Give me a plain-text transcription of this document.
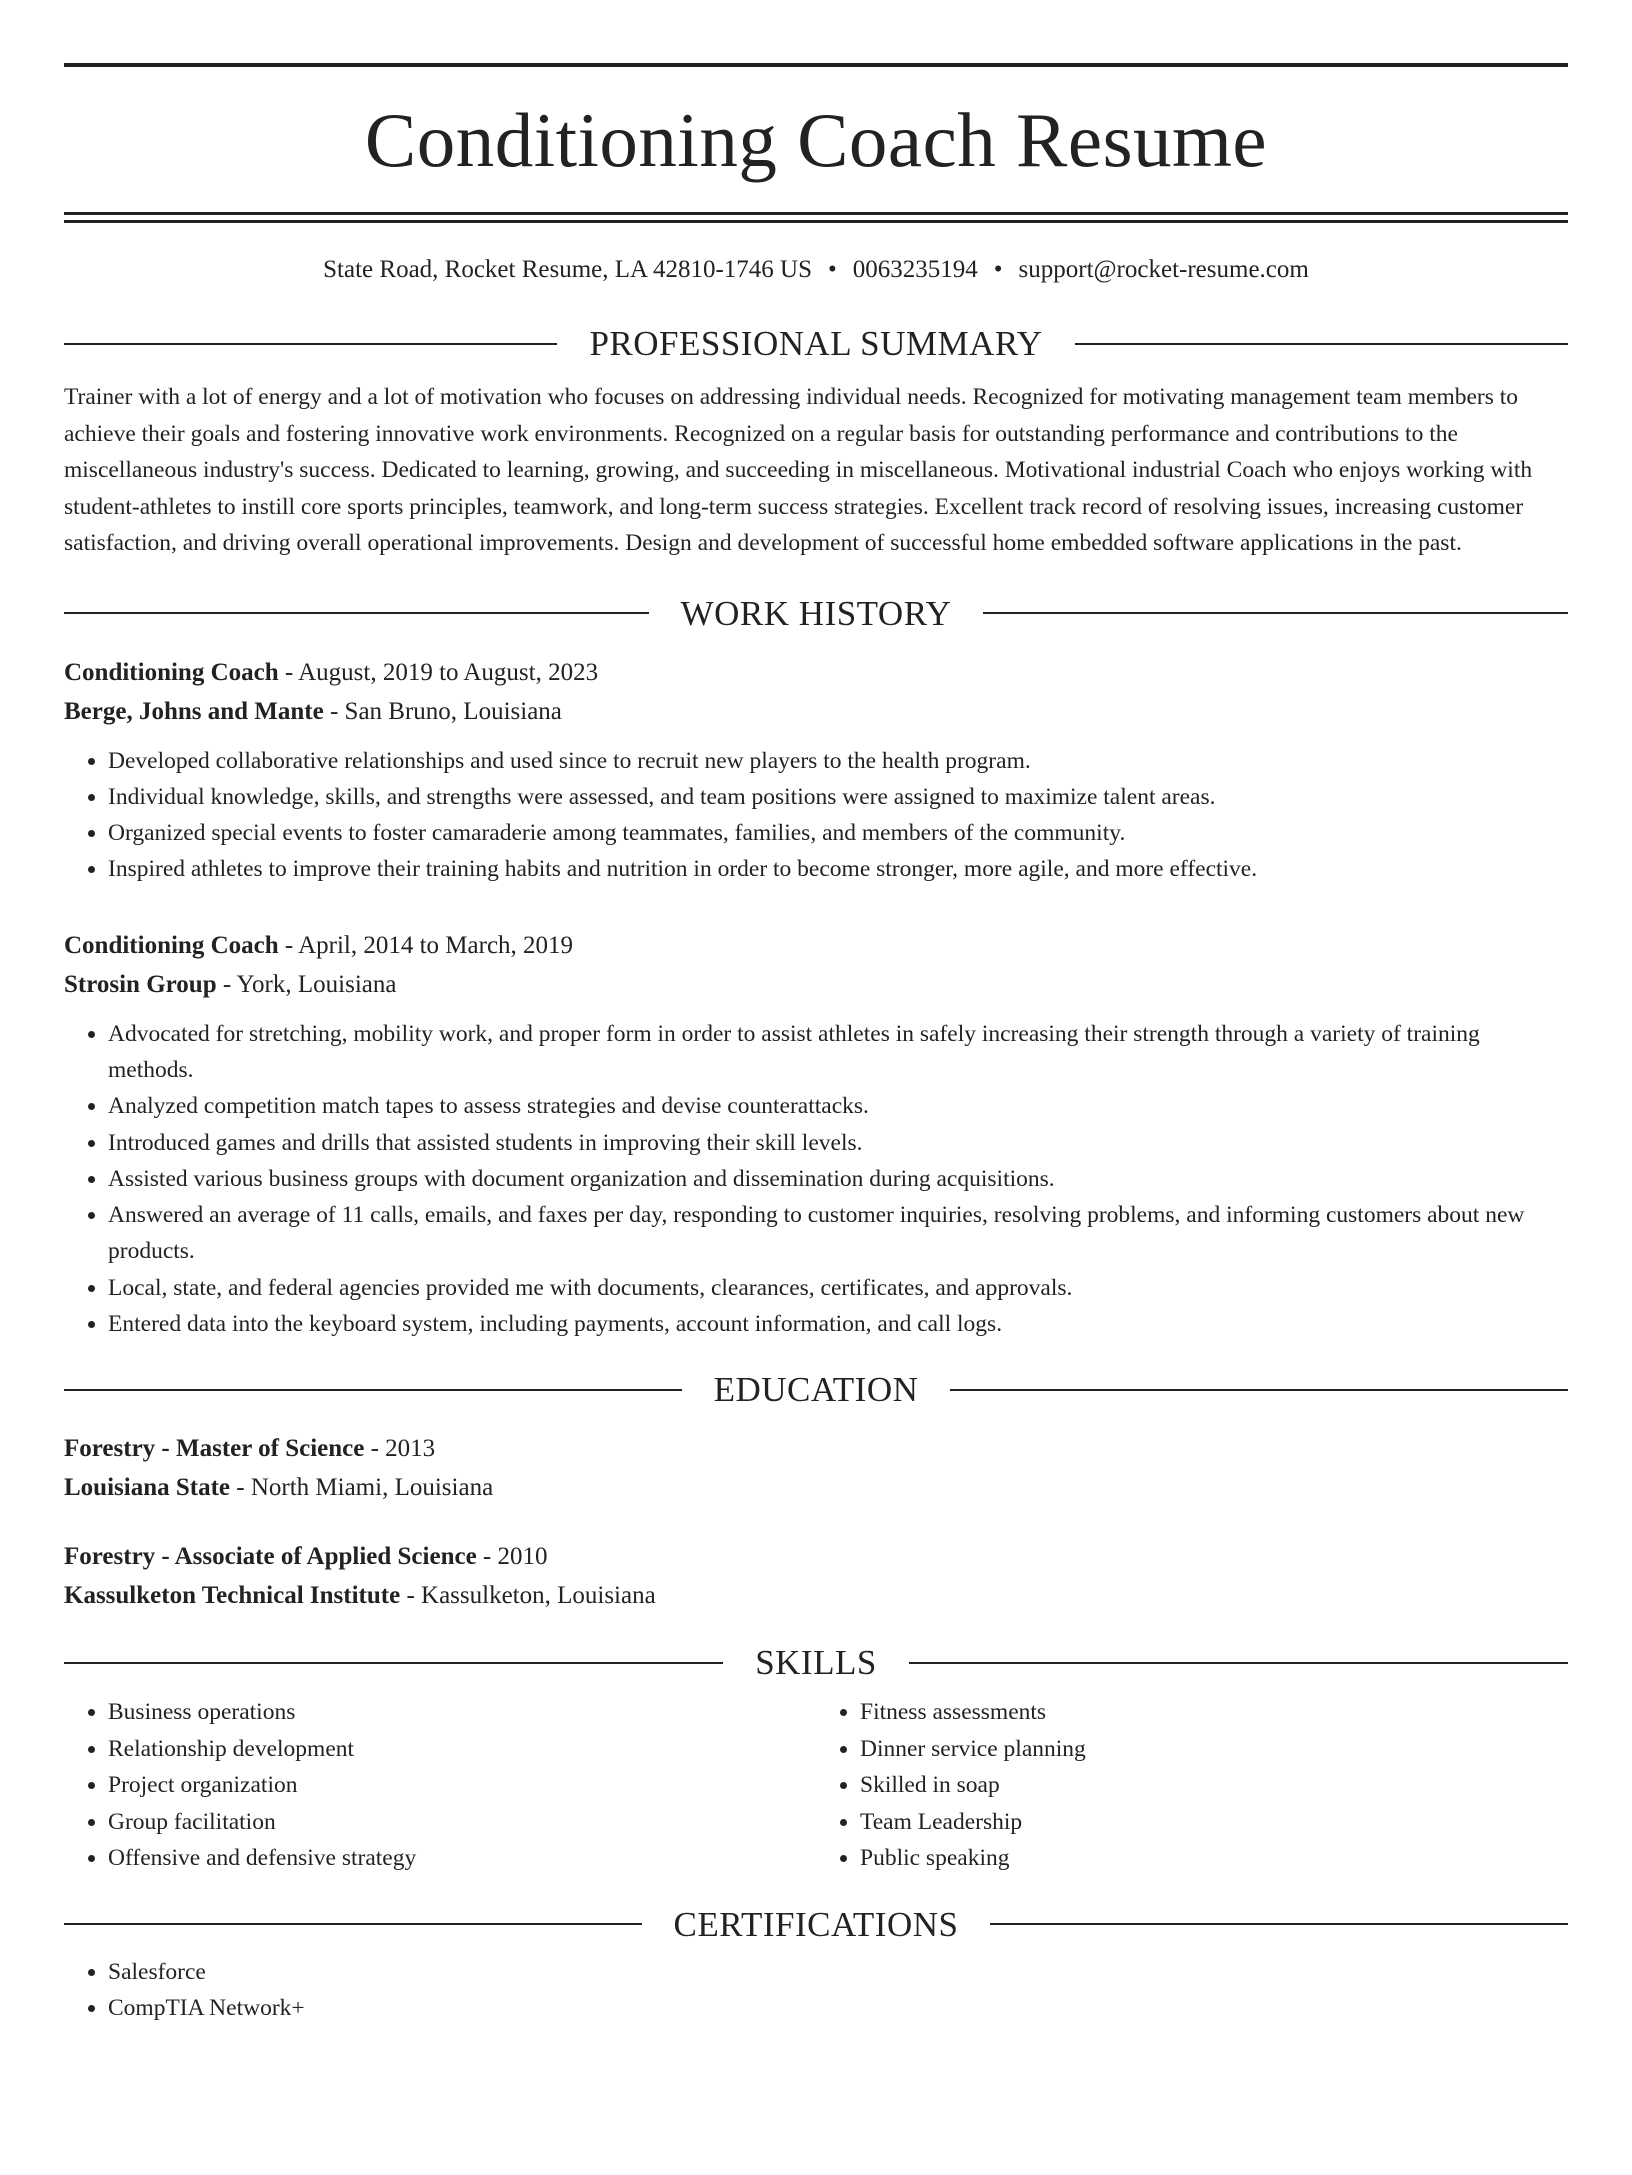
Conditioning Coach Resume
State Road, Rocket Resume, LA 42810-1746 US • 0063235194 • support@rocket-resume.com
PROFESSIONAL SUMMARY

Trainer with a lot of energy and a lot of motivation who focuses on addressing individual needs. Recognized for motivating management team members to achieve their goals and fostering innovative work environments. Recognized on a regular basis for outstanding performance and contributions to the miscellaneous industry's success. Dedicated to learning, growing, and succeeding in miscellaneous. Motivational industrial Coach who enjoys working with student-athletes to instill core sports principles, teamwork, and long-term success strategies. Excellent track record of resolving issues, increasing customer satisfaction, and driving overall operational improvements. Design and development of successful home embedded software applications in the past.

WORK HISTORY
Conditioning Coach - August, 2019 to August, 2023
Berge, Johns and Mante - San Bruno, Louisiana
• Developed collaborative relationships and used since to recruit new players to the health program.
• Individual knowledge, skills, and strengths were assessed, and team positions were assigned to maximize talent areas.
• Organized special events to foster camaraderie among teammates, families, and members of the community.
• Inspired athletes to improve their training habits and nutrition in order to become stronger, more agile, and more effective.
Conditioning Coach - April, 2014 to March, 2019
Strosin Group - York, Louisiana
• Advocated for stretching, mobility work, and proper form in order to assist athletes in safely increasing their strength through a variety of training methods.
• Analyzed competition match tapes to assess strategies and devise counterattacks.
• Introduced games and drills that assisted students in improving their skill levels.
• Assisted various business groups with document organization and dissemination during acquisitions.
• Answered an average of 11 calls, emails, and faxes per day, responding to customer inquiries, resolving problems, and informing customers about new products.
• Local, state, and federal agencies provided me with documents, clearances, certificates, and approvals.
• Entered data into the keyboard system, including payments, account information, and call logs.
EDUCATION
Forestry - Master of Science - 2013
Louisiana State - North Miami, Louisiana
Forestry - Associate of Applied Science - 2010
Kassulketon Technical Institute - Kassulketon, Louisiana
SKILLS
• Business operations
• Relationship development
• Project organization
• Group facilitation
• Offensive and defensive strategy
• Fitness assessments
• Dinner service planning
• Skilled in soap
• Team Leadership
• Public speaking
CERTIFICATIONS
• Salesforce
• CompTIA Network+
